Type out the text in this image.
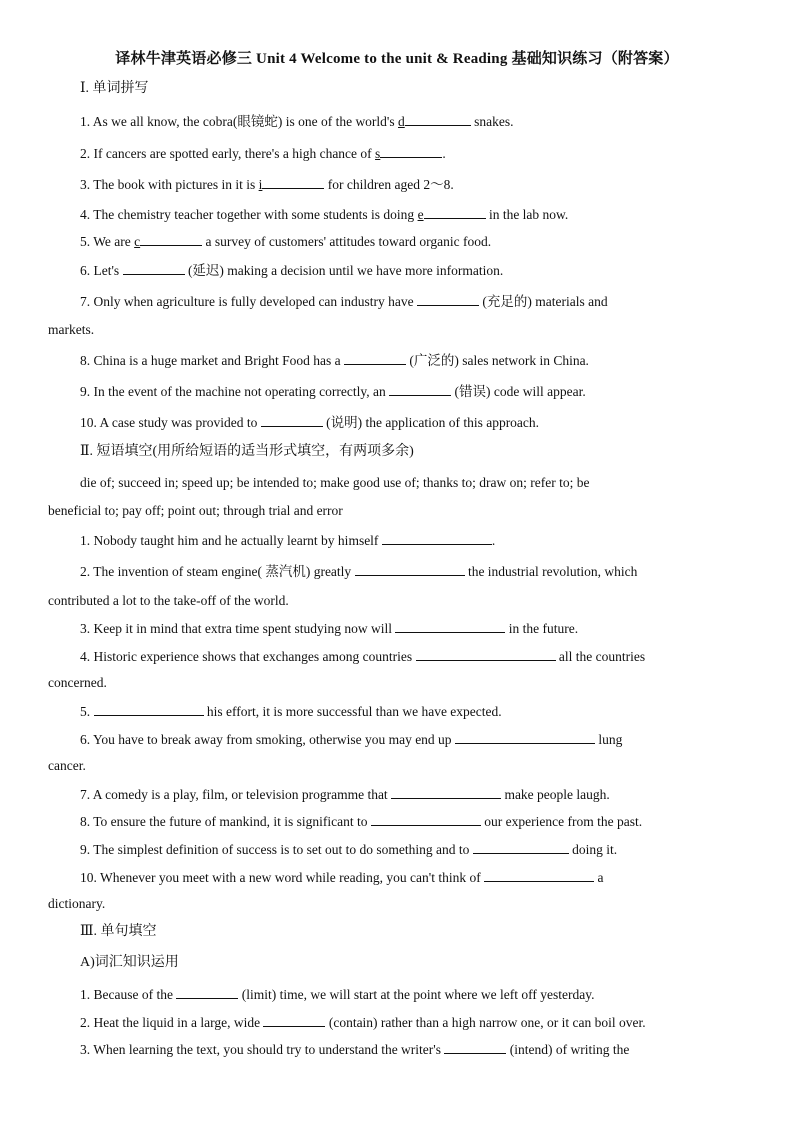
译林牛津英语必修三 Unit 4 Welcome to the unit & Reading 基础知识练习（附答案）
Ⅰ. 单词拼写
1. As we all know, the cobra(眼镜蛇) is one of the world's d	snakes.
2. If cancers are spotted early, there's a high chance of s	.
3. The book with pictures in it is i	for children aged 2～8.
4. The chemistry teacher together with some students is doing e	in the lab now.
5. We are c	a survey of customers' attitudes toward organic food.
6. Let's	(延迟) making a decision until we have more information.
7. Only when agriculture is fully developed can industry have	(充足的) materials and
markets.
8. China is a huge market and Bright Food has a	(广泛的) sales network in China.
9. In the event of the machine not operating correctly, an	(错误) code will appear.
10. A case study was provided to	(说明) the application of this approach.
Ⅱ. 短语填空(用所给短语的适当形式填空，有两项多余)
die of; succeed in; speed up; be intended to; make good use of; thanks to; draw on; refer to; be
beneficial to; pay off; point out; through trial and error
1. Nobody taught him and he actually learnt by himself	.
2. The invention of steam engine( 蒸汽机) greatly	the industrial revolution, which
contributed a lot to the take-off of the world.
3. Keep it in mind that extra time spent studying now will	in the future.
4. Historic experience shows that exchanges among countries	all the countries
concerned.
5.	his effort, it is more successful than we have expected.
6. You have to break away from smoking, otherwise you may end up	lung
cancer.
7. A comedy is a play, film, or television programme that	make people laugh.
8. To ensure the future of mankind, it is significant to	our experience from the past.
9. The simplest definition of success is to set out to do something and to	doing it.
10. Whenever you meet with a new word while reading, you can't think of	a
dictionary.
Ⅲ. 单句填空
A)词汇知识运用
1. Because of the	(limit) time, we will start at the point where we left off yesterday.
2. Heat the liquid in a large, wide	(contain) rather than a high narrow one, or it can boil over.
3. When learning the text, you should try to understand the writer's	(intend) of writing the
